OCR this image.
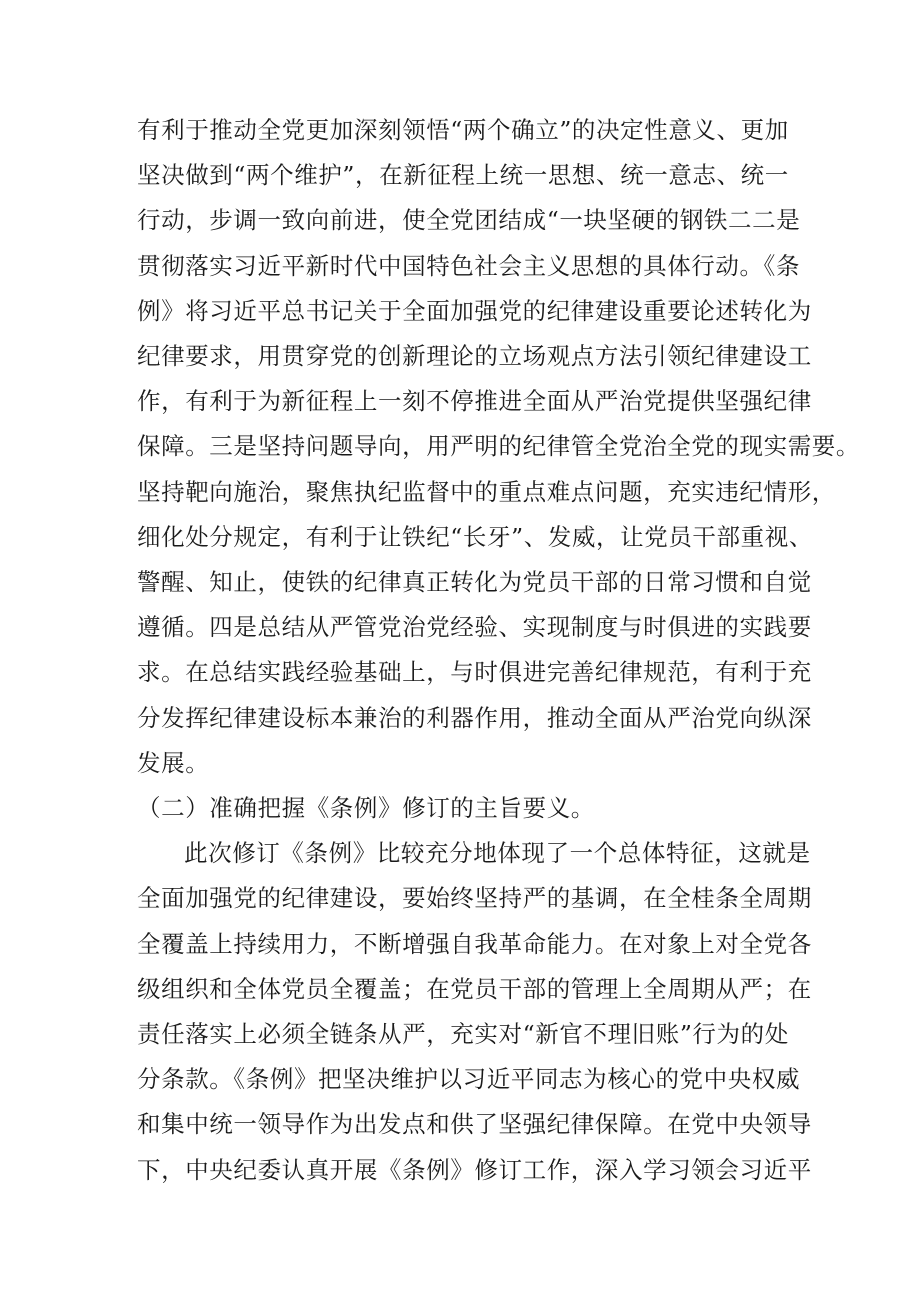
有利于推动全党更加深刻领悟“两个确立”的决定性意义、更加
坚决做到“两个维护”，在新征程上统一思想、统一意志、统一
行动，步调一致向前进，使全党团结成“一块坚硬的钢铁二二是
贯彻落实习近平新时代中国特色社会主义思想的具体行动。《条
例》将习近平总书记关于全面加强党的纪律建设重要论述转化为
纪律要求，用贯穿党的创新理论的立场观点方法引领纪律建设工
作，有利于为新征程上一刻不停推进全面从严治党提供坚强纪律
保障。三是坚持问题导向，用严明的纪律管全党治全党的现实需要。
坚持靶向施治，聚焦执纪监督中的重点难点问题，充实违纪情形，
细化处分规定，有利于让铁纪“长牙”、发威，让党员干部重视、
警醒、知止，使铁的纪律真正转化为党员干部的日常习惯和自觉
遵循。四是总结从严管党治党经验、实现制度与时俱进的实践要
求。在总结实践经验基础上，与时俱进完善纪律规范，有利于充
分发挥纪律建设标本兼治的利器作用，推动全面从严治党向纵深
发展。

（二）准确把握《条例》修订的主旨要义。

此次修订《条例》比较充分地体现了一个总体特征，这就是
全面加强党的纪律建设，要始终坚持严的基调，在全桂条全周期
全覆盖上持续用力，不断增强自我革命能力。在对象上对全党各
级组织和全体党员全覆盖；在党员干部的管理上全周期从严；在
责任落实上必须全链条从严，充实对“新官不理旧账”行为的处
分条款。《条例》把坚决维护以习近平同志为核心的党中央权威
和集中统一领导作为出发点和供了坚强纪律保障。在党中央领导
下，中央纪委认真开展《条例》修订工作，深入学习领会习近平
